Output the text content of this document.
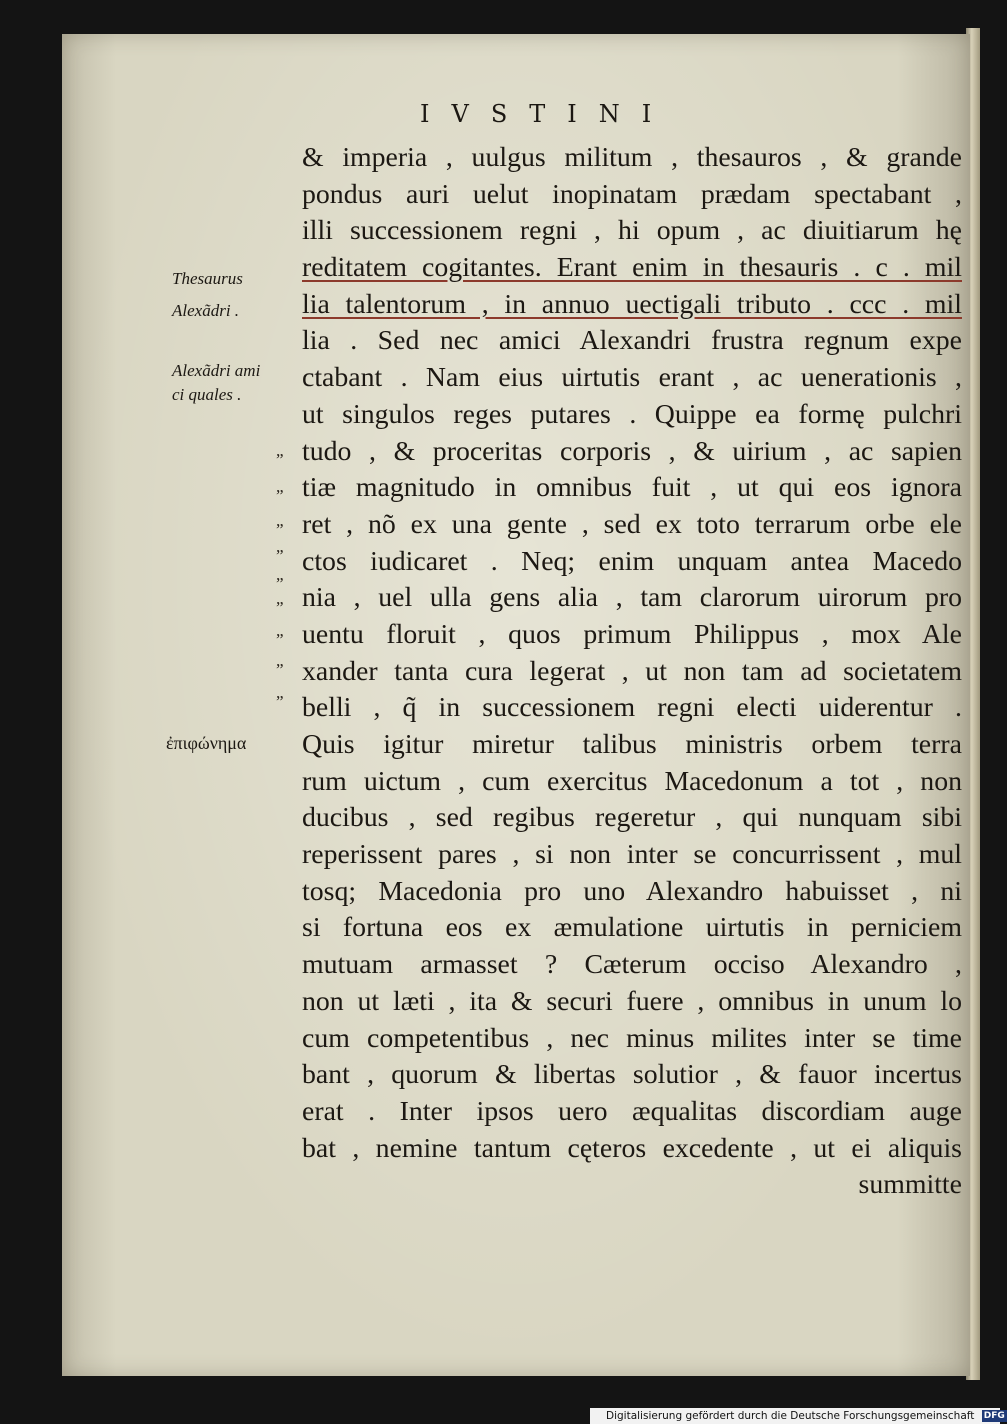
IVSTINI
& imperia , uulgus militum , thesauros , & grande
pondus auri uelut inopinatam prædam spectabant ,
illi successionem regni , hi opum , ac diuitiarum hę
reditatem cogitantes. Erant enim in thesauris . c . mil
lia talentorum , in annuo uectigali tributo . ccc . mil
lia . Sed nec amici Alexandri frustra regnum expe
ctabant . Nam eius uirtutis erant , ac uenerationis ,
ut singulos reges putares . Quippe ea formę pulchri
tudo , & proceritas corporis , & uirium , ac sapien
tiæ magnitudo in omnibus fuit , ut qui eos ignora
ret , nõ ex una gente , sed ex toto terrarum orbe ele
ctos iudicaret . Neq; enim unquam antea Macedo
nia , uel ulla gens alia , tam clarorum uirorum pro
uentu floruit , quos primum Philippus , mox Ale
xander tanta cura legerat , ut non tam ad societatem
belli , q̃ in successionem regni electi uiderentur .
Quis igitur miretur talibus ministris orbem terra
rum uictum , cum exercitus Macedonum a tot , non
ducibus , sed regibus regeretur , qui nunquam sibi
reperissent pares , si non inter se concurrissent , mul
tosq; Macedonia pro uno Alexandro habuisset , ni
si fortuna eos ex æmulatione uirtutis in perniciem
mutuam armasset ? Cæterum occiso Alexandro ,
non ut læti , ita & securi fuere , omnibus in unum lo
cum competentibus , nec minus milites inter se time
bant , quorum & libertas solutior , & fauor incertus
erat . Inter ipsos uero æqualitas discordiam auge
bat , nemine tantum cęteros excedente , ut ei aliquis
summitte
Thesaurus
Alexãdri .
Alexãdri ami
ci quales .
ἐπιφώνημα
”
”
”
”
”
”
”
”
”
Digitalisierung gefördert durch die Deutsche Forschungsgemeinschaft DFG
